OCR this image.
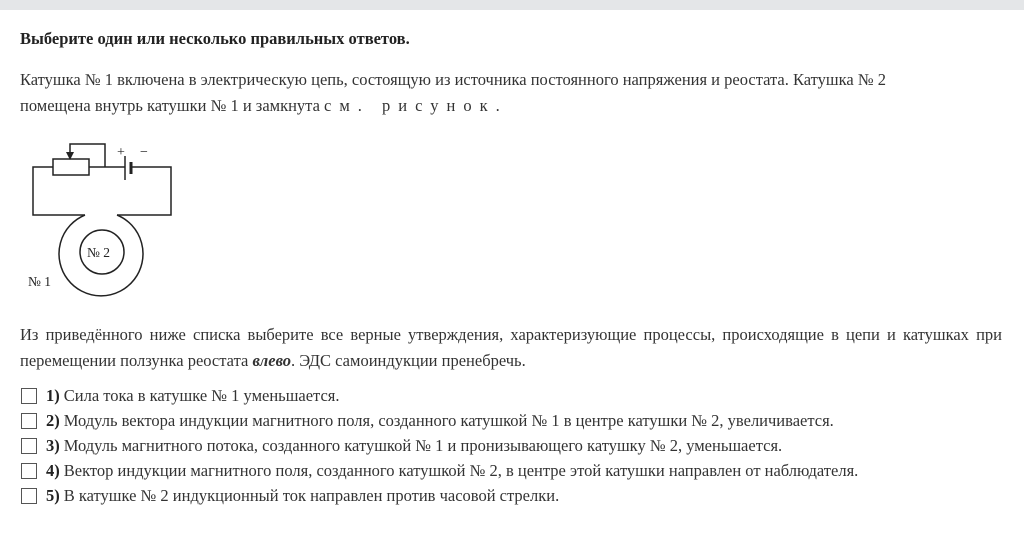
Выберите один или несколько правильных ответов.
Катушка № 1 включена в электрическую цепь, состоящую из источника постоянного напряжения и реостата. Катушка № 2
помещена внутрь катушки № 1 и замкнута см. рисунок.
+ −
№ 2
№ 1
Из приведённого ниже списка выберите все верные утверждения, характеризующие процессы, происходящие в цепи и катушках при перемещении ползунка реостата влево. ЭДС самоиндукции пренебречь.
1) Сила тока в катушке № 1 уменьшается.
2) Модуль вектора индукции магнитного поля, созданного катушкой № 1 в центре катушки № 2, увеличивается.
3) Модуль магнитного потока, созданного катушкой № 1 и пронизывающего катушку № 2, уменьшается.
4) Вектор индукции магнитного поля, созданного катушкой № 2, в центре этой катушки направлен от наблюдателя.
5) В катушке № 2 индукционный ток направлен против часовой стрелки.
